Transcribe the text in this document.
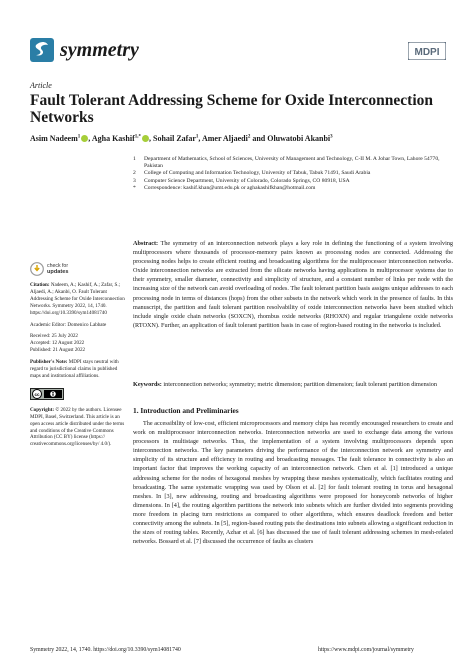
symmetry	MDPI
Article
Fault Tolerant Addressing Scheme for Oxide Interconnection Networks
Asim Nadeem$^1$ , Agha Kashif$^{1,*}$ , Sohail Zafar$^1$, Amer Aljaedi$^2$ and Oluwatobi Akanbi$^3$
1	Department of Mathematics, School of Sciences, University of Management and Technology, C-II M. A Johar Town, Lahore 54770, Pakistan
2	College of Computing and Information Technology, University of Tabuk, Tabuk 71491, Saudi Arabia
3	Computer Science Department, University of Colorado, Colorado Springs, CO 80918, USA
*	Correspondence: kashif.khan@umt.edu.pk or aghakashifkhan@hotmail.com
check for
updates
Citation: Nadeem, A.; Kashif, A.; Zafar, S.; Aljaedi, A.; Akanbi, O. Fault Tolerant Addressing Scheme for Oxide Interconnection Networks. Symmetry 2022, 14, 1740. https://doi.org/10.3390/sym14081740
Academic Editor: Domenico Labbate
Received: 25 July 2022
Accepted: 12 August 2022
Published: 21 August 2022
Publisher's Note: MDPI stays neutral with regard to jurisdictional claims in published maps and institutional affiliations.
cc
Copyright: © 2022 by the authors. Licensee MDPI, Basel, Switzerland. This article is an open access article distributed under the terms and conditions of the Creative Commons Attribution (CC BY) license (https:// creativecommons.org/licenses/by/ 4.0/).
Abstract: The symmetry of an interconnection network plays a key role in defining the functioning of a system involving multiprocessors where thousands of processor-memory pairs known as processing nodes are connected. Addressing the processing nodes helps to create efficient routing and broadcasting algorithms for the multiprocessor interconnection networks. Oxide interconnection networks are extracted from the silicate networks having applications in multiprocessor systems due to their symmetry, smaller diameter, connectivity and simplicity of structure, and a constant number of links per node with the increasing size of the network can avoid overloading of nodes. The fault tolerant partition basis assigns unique addresses to each processing node in terms of distances (hops) from the other subsets in the network which work in the presence of faults. In this manuscript, the partition and fault tolerant partition resolvability of oxide interconnection networks have been studied which include single oxide chain networks (SOXCN), rhombus oxide networks (RHOXN) and regular triangulene oxide networks (RTOXN). Further, an application of fault tolerant partition basis in case of region-based routing in the networks is included.
Keywords: interconnection networks; symmetry; metric dimension; partition dimension; fault tolerant partition dimension
1. Introduction and Preliminaries
The accessibility of low-cost, efficient microprocessors and memory chips has recently encouraged researchers to create and work on multiprocessor interconnection networks. Interconnection networks are used to exchange data among the various processors in multistage networks. Thus, the implementation of a system involving multiprocessors depends upon interconnection networks. The key parameters driving the performance of the interconnection network are symmetry and simplicity of its structure and efficiency in routing and broadcasting messages. The fault tolerance in connectivity is also an important factor that improves the working capacity of an interconnection network. Chen et al. [1] introduced a unique addressing scheme for the nodes of hexagonal meshes by wrapping these meshes systematically, which facilitates routing and broadcasting. The same systematic wrapping was used by Olson et al. [2] for fault tolerant routing in torus and hexagonal meshes. In [3], new addressing, routing and broadcasting algorithms were proposed for honeycomb networks of higher dimensions. In [4], the routing algorithm partitions the network into subnets which are further divided into segments providing more freedom in placing turn restrictions as compared to other algorithms, which ensures deadlock freedom and better connectivity among the subnets. In [5], region-based routing puts the destinations into subnets allowing a significant reduction in the sizes of routing tables. Recently, Azhar et al. [6] has discussed the use of fault tolerant addressing schemes in mesh-related networks. Bossard et al. [7] discussed the occurrence of faults as clusters
Symmetry 2022, 14, 1740. https://doi.org/10.3390/sym14081740	https://www.mdpi.com/journal/symmetry
